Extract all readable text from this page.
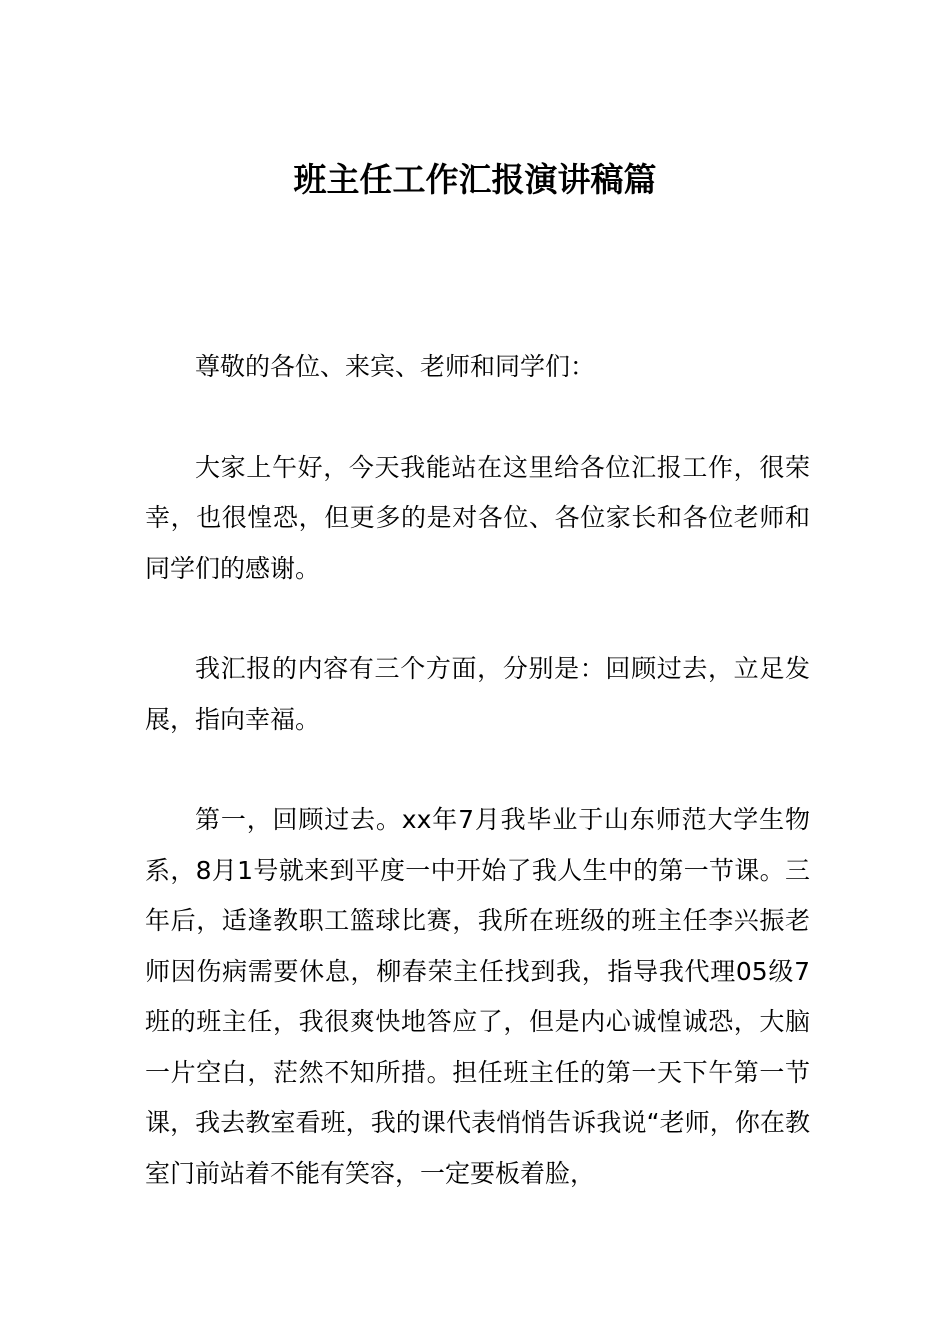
班主任工作汇报演讲稿篇

尊敬的各位、来宾、老师和同学们：

大家上午好，今天我能站在这里给各位汇报工作，很荣幸，也很惶恐，但更多的是对各位、各位家长和各位老师和同学们的感谢。

我汇报的内容有三个方面，分别是：回顾过去，立足发展，指向幸福。

第一，回顾过去。xx年7月我毕业于山东师范大学生物系，8月1号就来到平度一中开始了我人生中的第一节课。三年后，适逢教职工篮球比赛，我所在班级的班主任李兴振老师因伤病需要休息，柳春荣主任找到我，指导我代理05级7班的班主任，我很爽快地答应了，但是内心诚惶诚恐，大脑一片空白，茫然不知所措。担任班主任的第一天下午第一节课，我去教室看班，我的课代表悄悄告诉我说“老师，你在教室门前站着不能有笑容，一定要板着脸，
